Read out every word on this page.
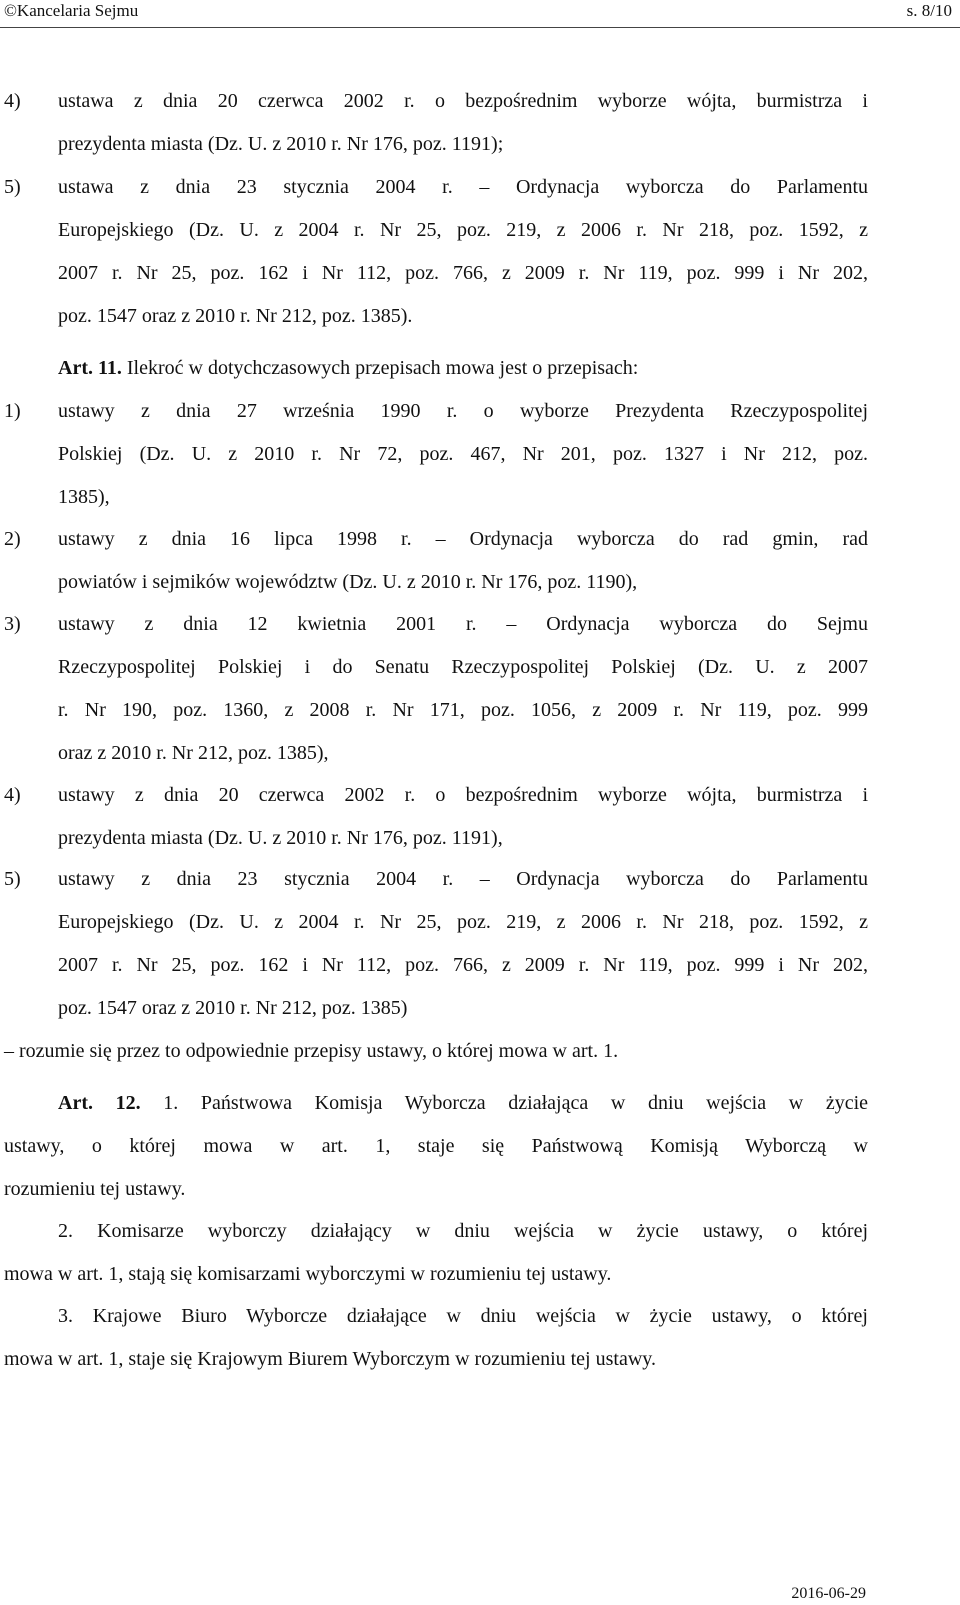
©Kancelaria Sejmu	s. 8/10
4) ustawa z dnia 20 czerwca 2002 r. o bezpośrednim wyborze wójta, burmistrza i
prezydenta miasta (Dz. U. z 2010 r. Nr 176, poz. 1191);
5) ustawa z dnia 23 stycznia 2004 r. – Ordynacja wyborcza do Parlamentu
Europejskiego (Dz. U. z 2004 r. Nr 25, poz. 219, z 2006 r. Nr 218, poz. 1592, z
2007 r. Nr 25, poz. 162 i Nr 112, poz. 766, z 2009 r. Nr 119, poz. 999 i Nr 202,
poz. 1547 oraz z 2010 r. Nr 212, poz. 1385).
Art. 11. Ilekroć w dotychczasowych przepisach mowa jest o przepisach:
1) ustawy z dnia 27 września 1990 r. o wyborze Prezydenta Rzeczypospolitej
Polskiej (Dz. U. z 2010 r. Nr 72, poz. 467, Nr 201, poz. 1327 i Nr 212, poz.
1385),
2) ustawy z dnia 16 lipca 1998 r. – Ordynacja wyborcza do rad gmin, rad
powiatów i sejmików województw (Dz. U. z 2010 r. Nr 176, poz. 1190),
3) ustawy z dnia 12 kwietnia 2001 r. – Ordynacja wyborcza do Sejmu
Rzeczypospolitej Polskiej i do Senatu Rzeczypospolitej Polskiej (Dz. U. z 2007
r. Nr 190, poz. 1360, z 2008 r. Nr 171, poz. 1056, z 2009 r. Nr 119, poz. 999
oraz z 2010 r. Nr 212, poz. 1385),
4) ustawy z dnia 20 czerwca 2002 r. o bezpośrednim wyborze wójta, burmistrza i
prezydenta miasta (Dz. U. z 2010 r. Nr 176, poz. 1191),
5) ustawy z dnia 23 stycznia 2004 r. – Ordynacja wyborcza do Parlamentu
Europejskiego (Dz. U. z 2004 r. Nr 25, poz. 219, z 2006 r. Nr 218, poz. 1592, z
2007 r. Nr 25, poz. 162 i Nr 112, poz. 766, z 2009 r. Nr 119, poz. 999 i Nr 202,
poz. 1547 oraz z 2010 r. Nr 212, poz. 1385)
– rozumie się przez to odpowiednie przepisy ustawy, o której mowa w art. 1.
Art. 12. 1. Państwowa Komisja Wyborcza działająca w dniu wejścia w życie
ustawy, o której mowa w art. 1, staje się Państwową Komisją Wyborczą w
rozumieniu tej ustawy.
2. Komisarze wyborczy działający w dniu wejścia w życie ustawy, o której
mowa w art. 1, stają się komisarzami wyborczymi w rozumieniu tej ustawy.
3. Krajowe Biuro Wyborcze działające w dniu wejścia w życie ustawy, o której
mowa w art. 1, staje się Krajowym Biurem Wyborczym w rozumieniu tej ustawy.
2016-06-29
